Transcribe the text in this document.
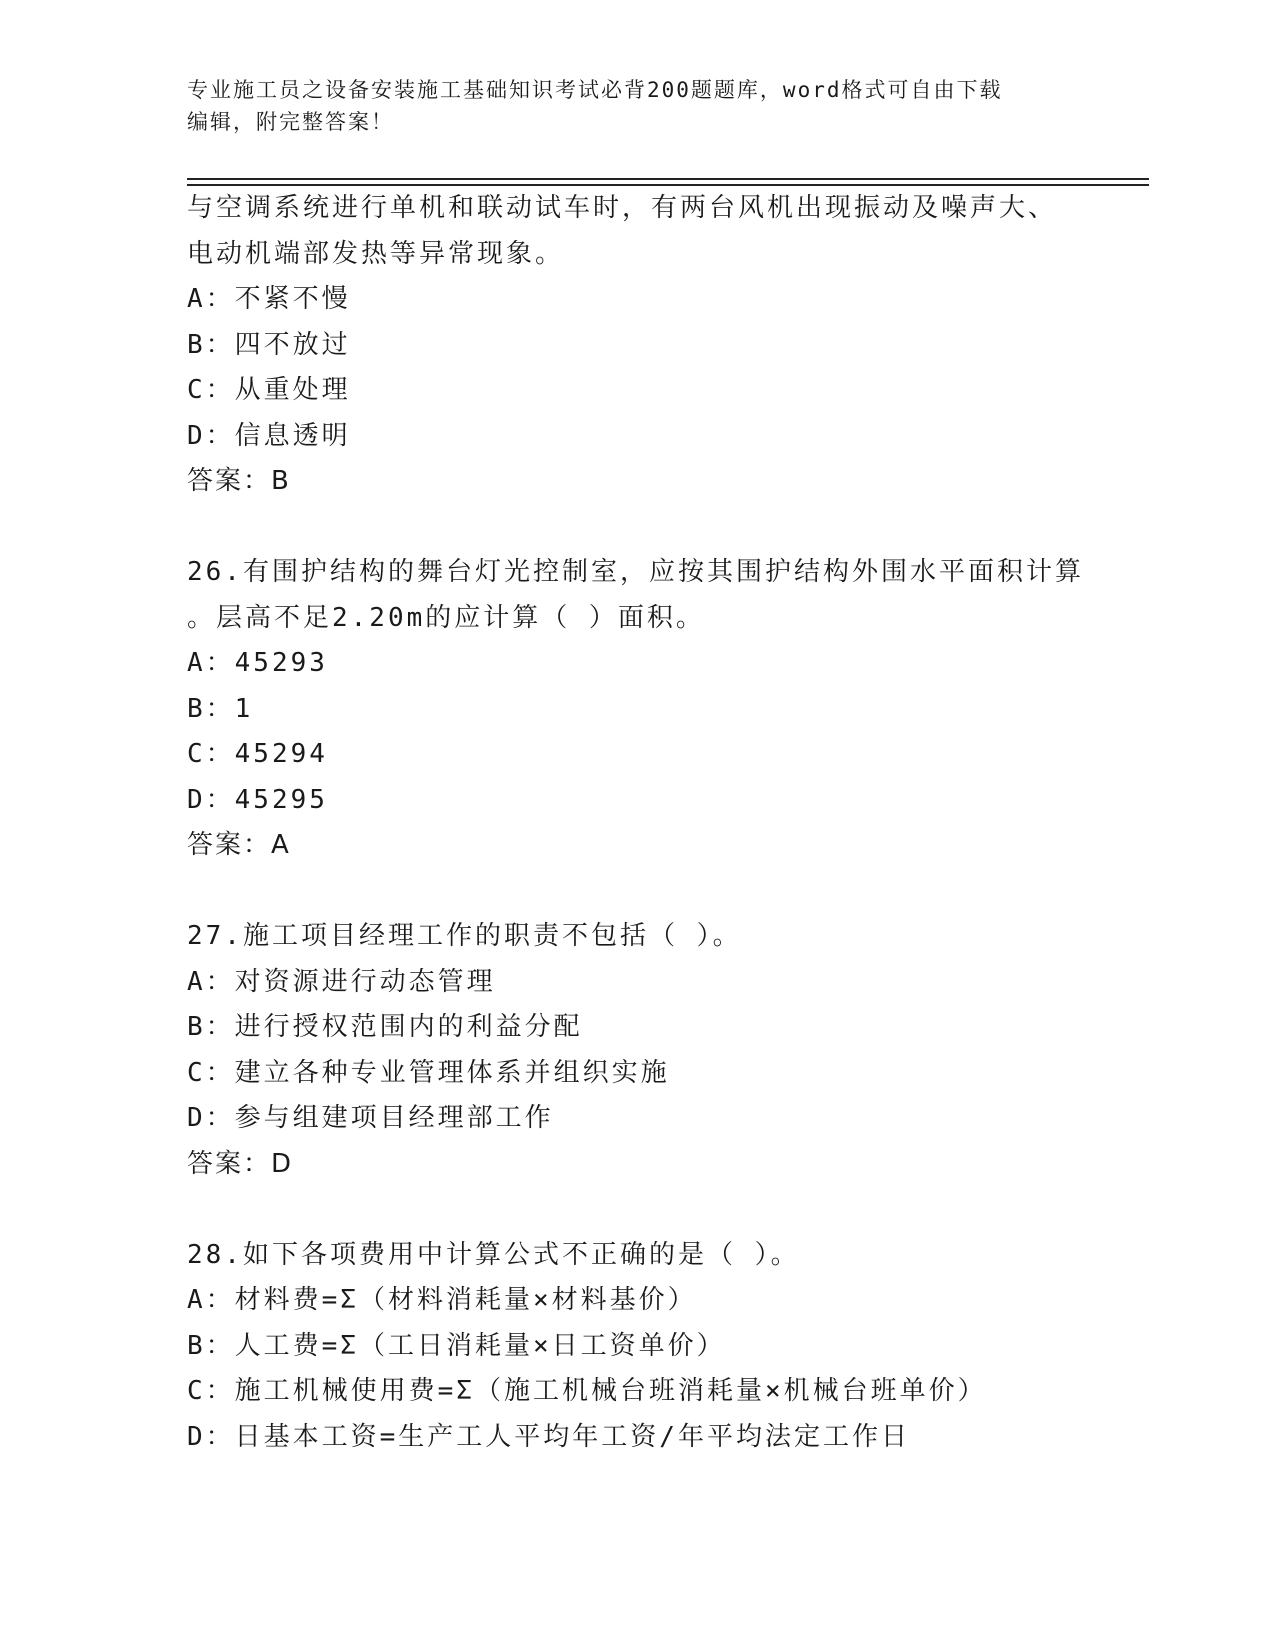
专业施工员之设备安装施工基础知识考试必背200题题库，word格式可自由下载
编辑，附完整答案！
与空调系统进行单机和联动试车时，有两台风机出现振动及噪声大、
电动机端部发热等异常现象。
A：不紧不慢
B：四不放过
C：从重处理
D：信息透明
答案：B
26.有围护结构的舞台灯光控制室，应按其围护结构外围水平面积计算
。层高不足2.20m的应计算（ ）面积。
A：45293
B：1
C：45294
D：45295
答案：A
27.施工项目经理工作的职责不包括（ ）。
A：对资源进行动态管理
B：进行授权范围内的利益分配
C：建立各种专业管理体系并组织实施
D：参与组建项目经理部工作
答案：D
28.如下各项费用中计算公式不正确的是（ ）。
A：材料费=Σ（材料消耗量×材料基价）
B：人工费=Σ（工日消耗量×日工资单价）
C：施工机械使用费=Σ（施工机械台班消耗量×机械台班单价）
D：日基本工资=生产工人平均年工资/年平均法定工作日
